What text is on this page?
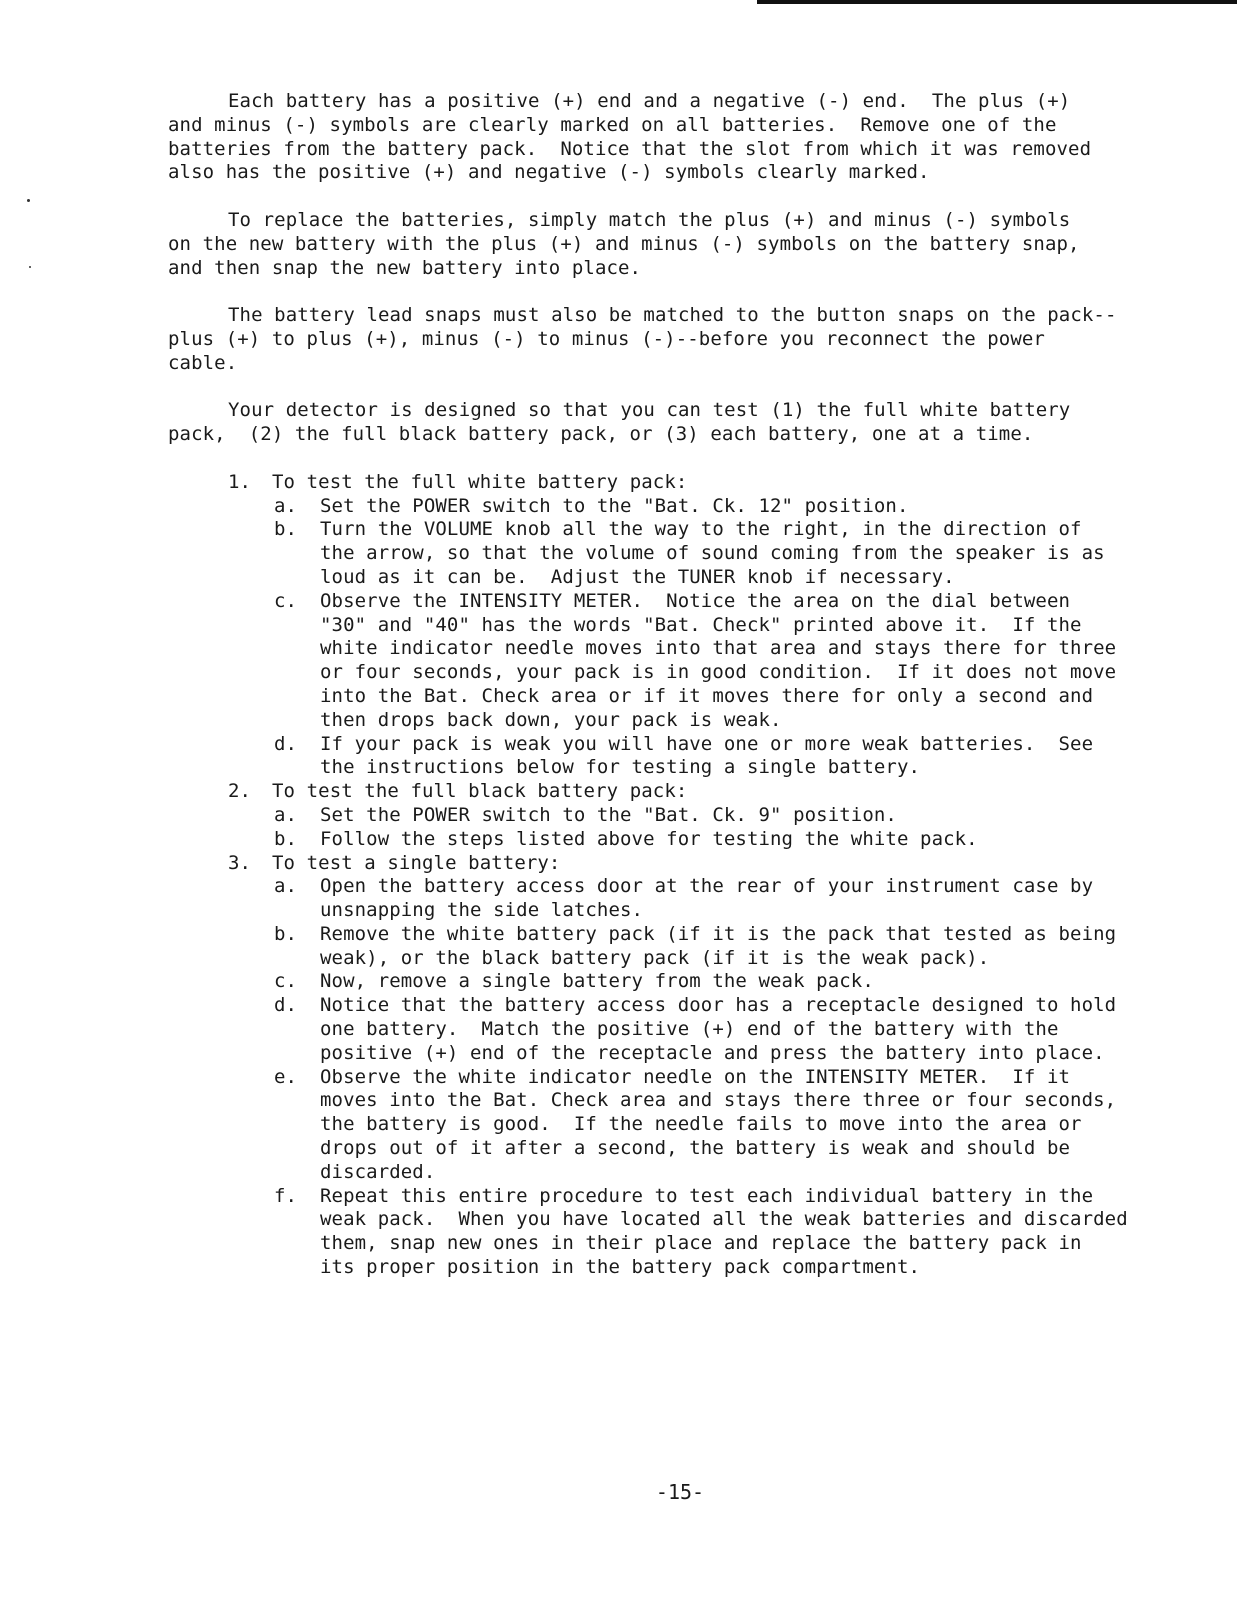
Each battery has a positive (+) end and a negative (-) end.  The plus (+)
and minus (-) symbols are clearly marked on all batteries.  Remove one of the
batteries from the battery pack.  Notice that the slot from which it was removed
also has the positive (+) and negative (-) symbols clearly marked.
To replace the batteries, simply match the plus (+) and minus (-) symbols
on the new battery with the plus (+) and minus (-) symbols on the battery snap,
and then snap the new battery into place.
The battery lead snaps must also be matched to the button snaps on the pack--
plus (+) to plus (+), minus (-) to minus (-)--before you reconnect the power
cable.
Your detector is designed so that you can test (1) the full white battery
pack,  (2) the full black battery pack, or (3) each battery, one at a time.
1. To test the full white battery pack:
a. Set the POWER switch to the "Bat. Ck. 12" position.
b. Turn the VOLUME knob all the way to the right, in the direction of
the arrow, so that the volume of sound coming from the speaker is as
loud as it can be.  Adjust the TUNER knob if necessary.
c. Observe the INTENSITY METER.  Notice the area on the dial between
"30" and "40" has the words "Bat. Check" printed above it.  If the
white indicator needle moves into that area and stays there for three
or four seconds, your pack is in good condition.  If it does not move
into the Bat. Check area or if it moves there for only a second and
then drops back down, your pack is weak.
d. If your pack is weak you will have one or more weak batteries.  See
the instructions below for testing a single battery.
2. To test the full black battery pack:
a. Set the POWER switch to the "Bat. Ck. 9" position.
b. Follow the steps listed above for testing the white pack.
3. To test a single battery:
a. Open the battery access door at the rear of your instrument case by
unsnapping the side latches.
b. Remove the white battery pack (if it is the pack that tested as being
weak), or the black battery pack (if it is the weak pack).
c. Now, remove a single battery from the weak pack.
d. Notice that the battery access door has a receptacle designed to hold
one battery.  Match the positive (+) end of the battery with the
positive (+) end of the receptacle and press the battery into place.
e. Observe the white indicator needle on the INTENSITY METER.  If it
moves into the Bat. Check area and stays there three or four seconds,
the battery is good.  If the needle fails to move into the area or
drops out of it after a second, the battery is weak and should be
discarded.
f. Repeat this entire procedure to test each individual battery in the
weak pack.  When you have located all the weak batteries and discarded
them, snap new ones in their place and replace the battery pack in
its proper position in the battery pack compartment.
-15-
